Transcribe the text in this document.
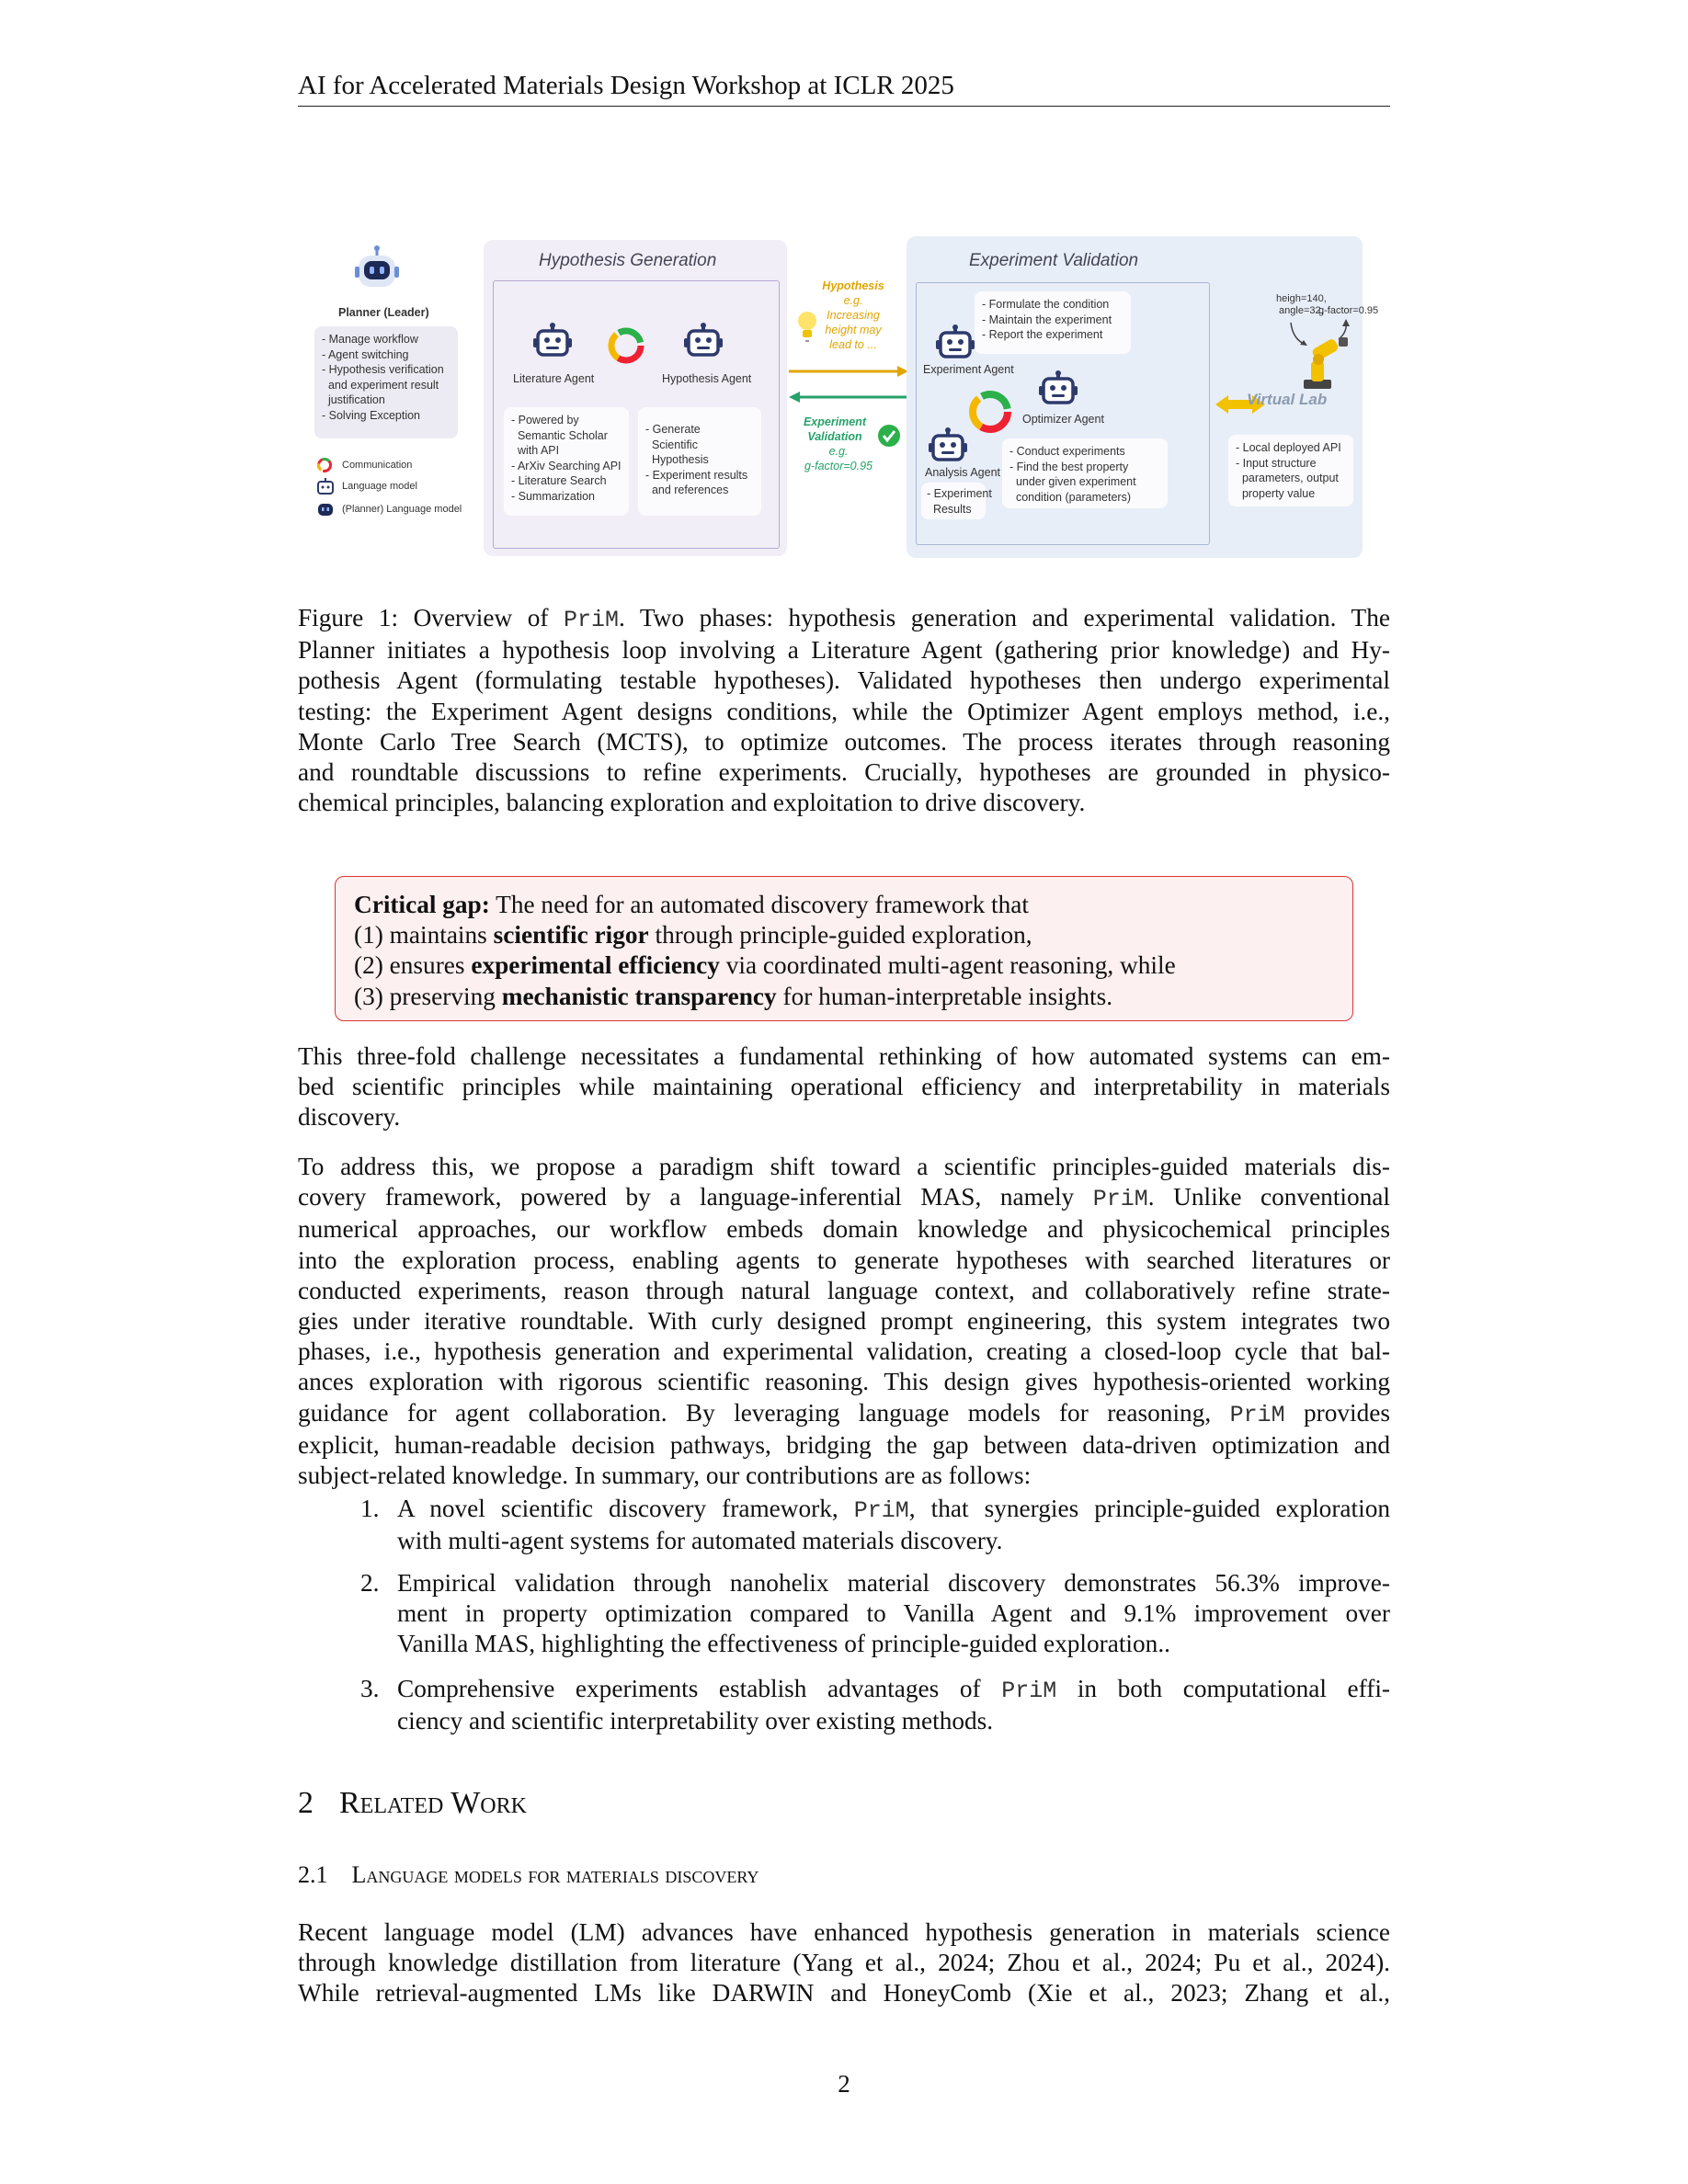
AI for Accelerated Materials Design Workshop at ICLR 2025
Planner (Leader)
- Manage workflow
- Agent switching
- Hypothesis verification
and experiment result
justification
- Solving Exception
Communication
Language model
(Planner) Language model
Hypothesis Generation
Literature Agent	Hypothesis Agent
- Powered by
Semantic Scholar
with API
- ArXiv Searching API
- Literature Search
- Summarization
- Generate
Scientific
Hypothesis
- Experiment results
and references
Hypothesis
e.g.
Increasing
height may
lead to ...
Experiment
Validation
e.g.
g-factor=0.95
Experiment Validation
Experiment Agent
- Formulate the condition
- Maintain the experiment
- Report the experiment
Optimizer Agent
Analysis Agent
- Experiment
Results
- Conduct experiments
- Find the best property
under given experiment
condition (parameters)
heigh=140,
angle=32,
g-factor=0.95
Virtual Lab
- Local deployed API
- Input structure
parameters, output
property value
Figure 1: Overview of PriM. Two phases: hypothesis generation and experimental validation. The
Planner initiates a hypothesis loop involving a Literature Agent (gathering prior knowledge) and Hy-
pothesis Agent (formulating testable hypotheses). Validated hypotheses then undergo experimental
testing: the Experiment Agent designs conditions, while the Optimizer Agent employs method, i.e.,
Monte Carlo Tree Search (MCTS), to optimize outcomes. The process iterates through reasoning
and roundtable discussions to refine experiments. Crucially, hypotheses are grounded in physico-
chemical principles, balancing exploration and exploitation to drive discovery.
Critical gap: The need for an automated discovery framework that
(1) maintains scientific rigor through principle-guided exploration,
(2) ensures experimental efficiency via coordinated multi-agent reasoning, while
(3) preserving mechanistic transparency for human-interpretable insights.
This three-fold challenge necessitates a fundamental rethinking of how automated systems can em-
bed scientific principles while maintaining operational efficiency and interpretability in materials
discovery.
To address this, we propose a paradigm shift toward a scientific principles-guided materials dis-
covery framework, powered by a language-inferential MAS, namely PriM. Unlike conventional
numerical approaches, our workflow embeds domain knowledge and physicochemical principles
into the exploration process, enabling agents to generate hypotheses with searched literatures or
conducted experiments, reason through natural language context, and collaboratively refine strate-
gies under iterative roundtable. With curly designed prompt engineering, this system integrates two
phases, i.e., hypothesis generation and experimental validation, creating a closed-loop cycle that bal-
ances exploration with rigorous scientific reasoning. This design gives hypothesis-oriented working
guidance for agent collaboration. By leveraging language models for reasoning, PriM provides
explicit, human-readable decision pathways, bridging the gap between data-driven optimization and
subject-related knowledge. In summary, our contributions are as follows:
1. A novel scientific discovery framework, PriM, that synergies principle-guided exploration
with multi-agent systems for automated materials discovery.
2. Empirical validation through nanohelix material discovery demonstrates 56.3% improve-
ment in property optimization compared to Vanilla Agent and 9.1% improvement over
Vanilla MAS, highlighting the effectiveness of principle-guided exploration..
3. Comprehensive experiments establish advantages of PriM in both computational effi-
ciency and scientific interpretability over existing methods.
2 Related Work
2.1 Language models for materials discovery
Recent language model (LM) advances have enhanced hypothesis generation in materials science
through knowledge distillation from literature (Yang et al., 2024; Zhou et al., 2024; Pu et al., 2024).
While retrieval-augmented LMs like DARWIN and HoneyComb (Xie et al., 2023; Zhang et al.,
2
